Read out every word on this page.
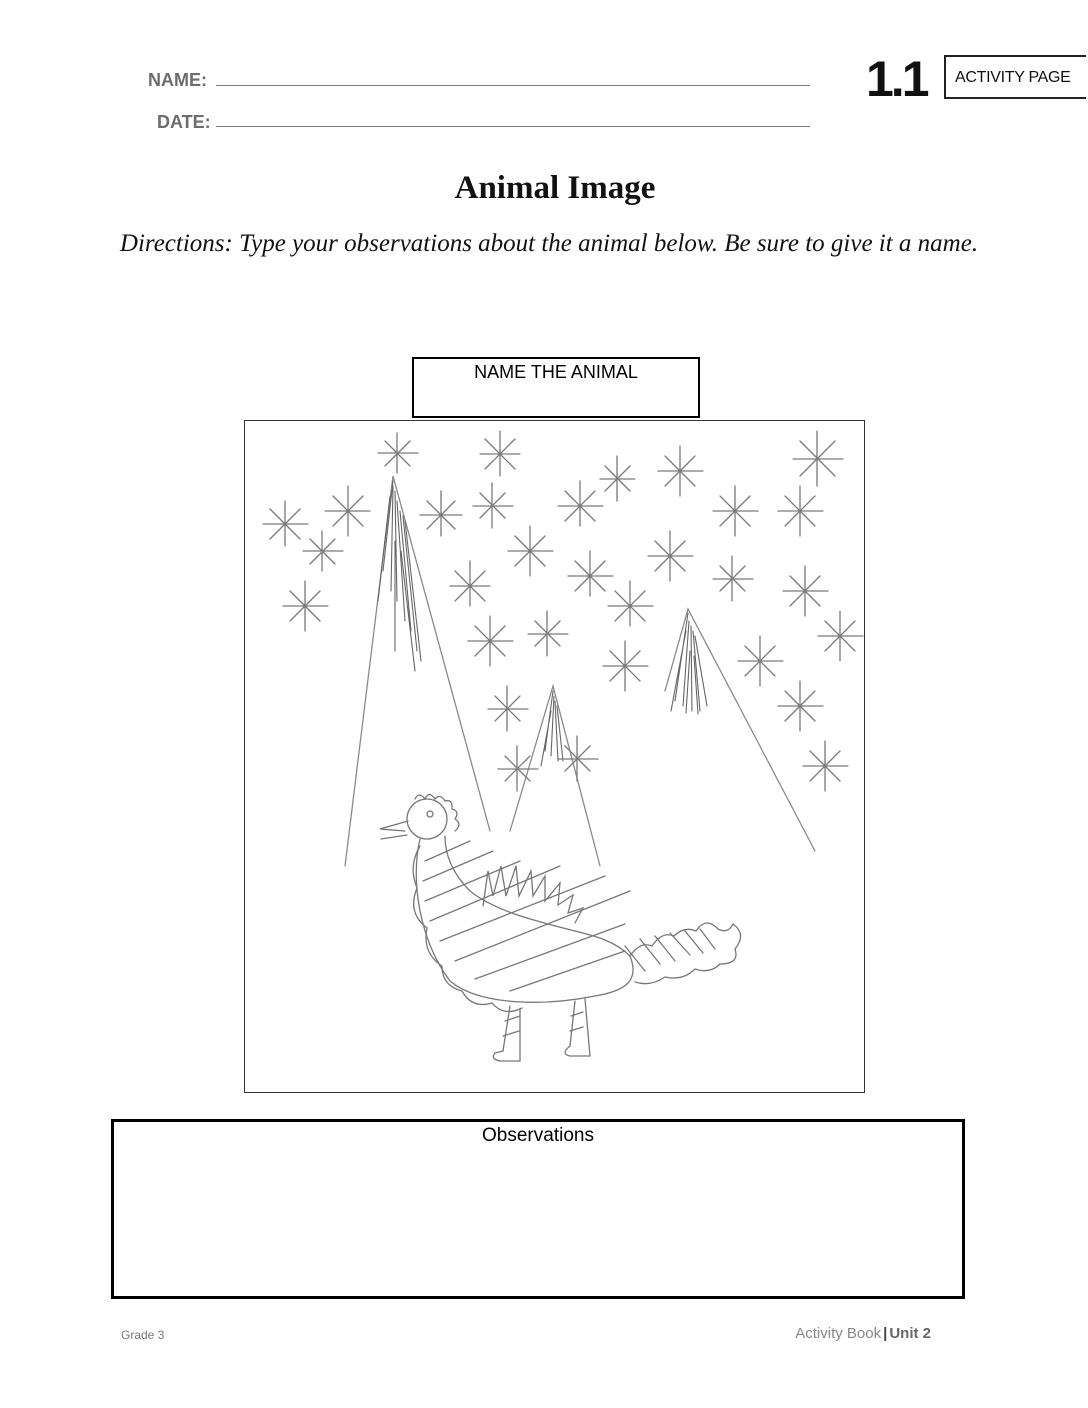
NAME:
DATE:
1.1	ACTIVITY PAGE
Animal Image
Directions: Type your observations about the animal below. Be sure to give it a name.
NAME THE ANIMAL
Observations
Grade 3	Activity Book | Unit 2
